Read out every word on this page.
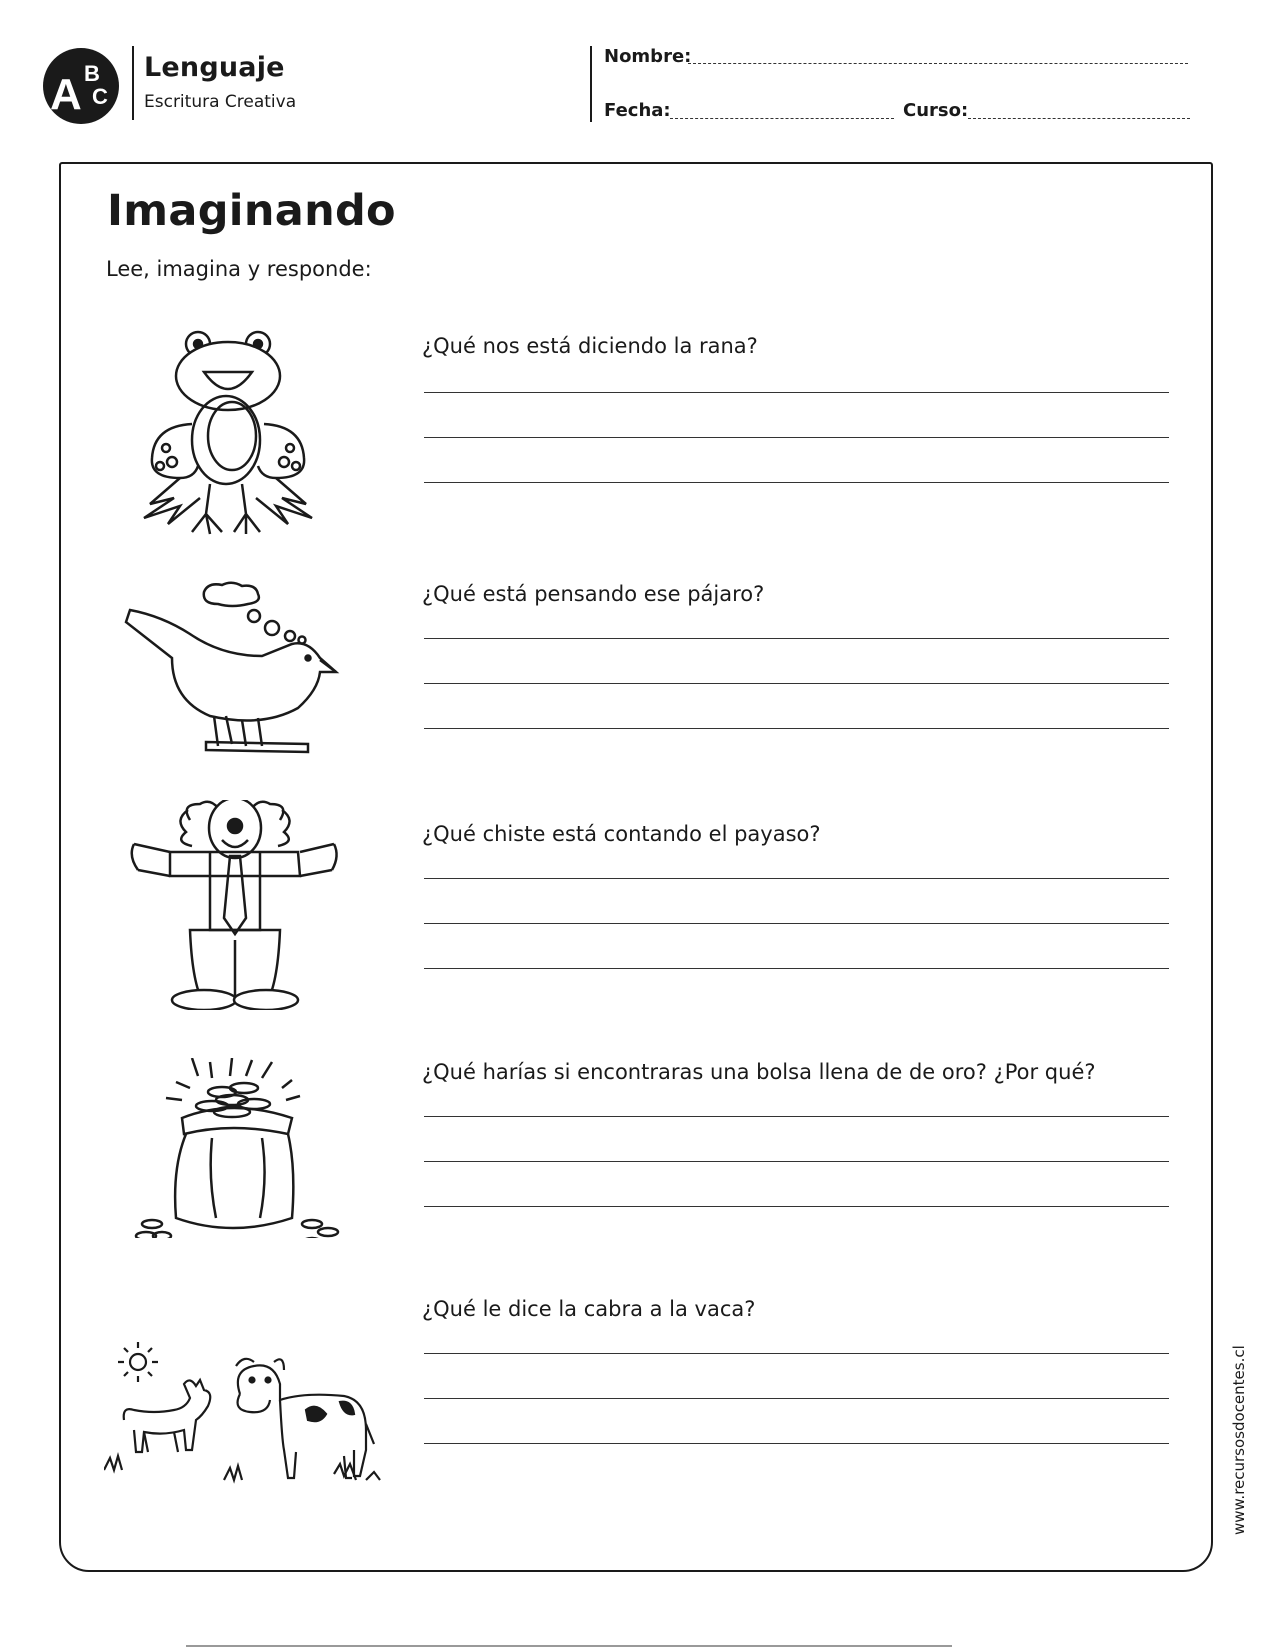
A B
C
Lenguaje
Escritura Creativa
Nombre:
Fecha:	Curso:
Imaginando
Lee, imagina y responde:
¿Qué nos está diciendo la rana?
¿Qué está pensando ese pájaro?
¿Qué chiste está contando el payaso?
¿Qué harías si encontraras una bolsa llena de de oro? ¿Por qué?
¿Qué le dice la cabra a la vaca?
www.recursosdocentes.cl
